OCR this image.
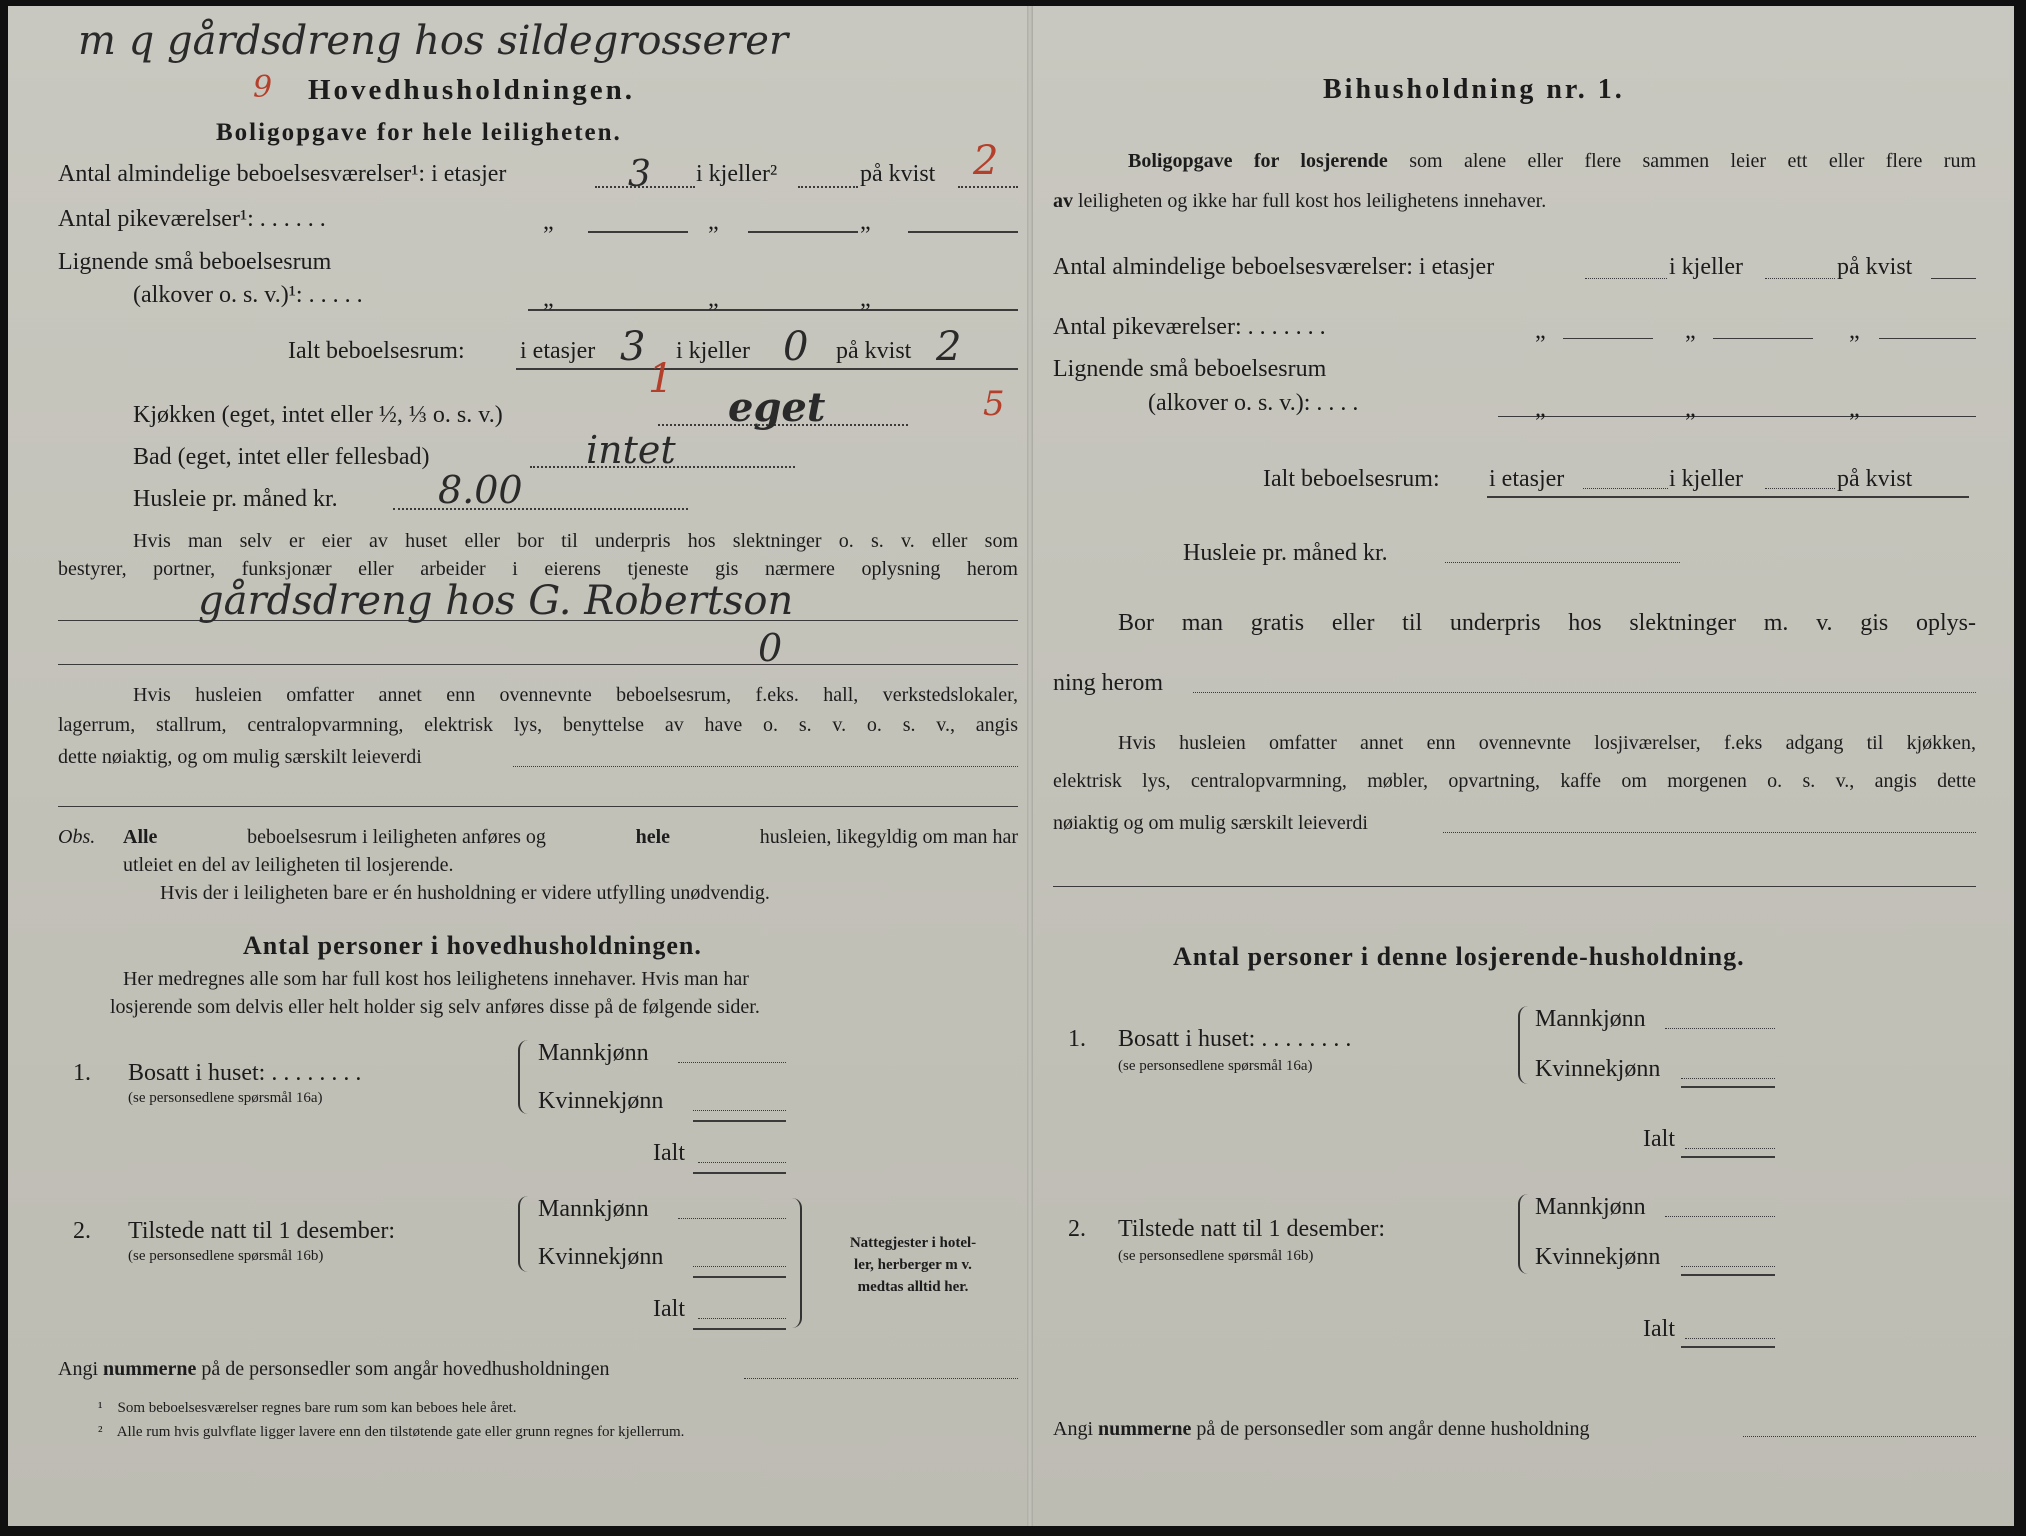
m q gårdsdreng hos sildegrosserer
9 Hovedhusholdningen.
Boligopgave for hele leiligheten.
Antal almindelige beboelsesværelser¹: i etasjer	3 i kjeller²	på kvist 2
Antal pikeværelser¹: . . . . . .	„	„	„
Lignende små beboelsesrum
(alkover o. s. v.)¹: . . . . .	„	„	„
Ialt beboelsesrum: i etasjer 3 i kjeller 0 på kvist 2
1
5
Kjøkken (eget, intet eller ½, ⅓ o. s. v.)	eget
Bad (eget, intet eller fellesbad)	intet
Husleie pr. måned kr.	8.00
Hvis man selv er eier av huset eller bor til underpris hos slektninger o. s. v. eller som
bestyrer, portner, funksjonær eller arbeider i eierens tjeneste gis nærmere oplysning herom
gårdsdreng hos G. Robertson
0
Hvis husleien omfatter annet enn ovennevnte beboelsesrum, f.eks. hall, verkstedslokaler,
lagerrum, stallrum, centralopvarmning, elektrisk lys, benyttelse av have o. s. v. o. s. v., angis
dette nøiaktig, og om mulig særskilt leieverdi
Obs. Alle	beboelsesrum i leiligheten anføres og	hele	husleien, likegyldig om man har
utleiet en del av leiligheten til losjerende.
Hvis der i leiligheten bare er én husholdning er videre utfylling unødvendig.
Antal personer i hovedhusholdningen.
Her medregnes alle som har full kost hos leilighetens innehaver. Hvis man har
losjerende som delvis eller helt holder sig selv anføres disse på de følgende sider.
1. Bosatt i huset: . . . . . . . .
(se personsedlene spørsmål 16a)
Mannkjønn
Kvinnekjønn
Ialt
2. Tilstede natt til 1 desember:
(se personsedlene spørsmål 16b)
Mannkjønn
Kvinnekjønn
Ialt
Nattegjester i hotel-
ler, herberger m v.
medtas alltid her.
Angi nummerne på de personsedler som angår hovedhusholdningen
¹ Som beboelsesværelser regnes bare rum som kan beboes hele året.
² Alle rum hvis gulvflate ligger lavere enn den tilstøtende gate eller grunn regnes for kjellerrum.
Bihusholdning nr. 1.
Boligopgave for losjerende som alene eller flere sammen leier ett eller flere rum
av leiligheten og ikke har full kost hos leilighetens innehaver.
Antal almindelige beboelsesværelser: i etasjer	i kjeller	på kvist
Antal pikeværelser: . . . . . . .	„	„	„
Lignende små beboelsesrum
(alkover o. s. v.): . . . .	„	„	„
Ialt beboelsesrum: i etasjer	i kjeller	på kvist
Husleie pr. måned kr.
Bor man gratis eller til underpris hos slektninger m. v. gis oplys-
ning herom
Hvis husleien omfatter annet enn ovennevnte losjiværelser, f.eks adgang til kjøkken,
elektrisk lys, centralopvarmning, møbler, opvartning, kaffe om morgenen o. s. v., angis dette
nøiaktig og om mulig særskilt leieverdi
Antal personer i denne losjerende-husholdning.
1. Bosatt i huset: . . . . . . . .
(se personsedlene spørsmål 16a)
Mannkjønn
Kvinnekjønn
Ialt
2. Tilstede natt til 1 desember:
(se personsedlene spørsmål 16b)
Mannkjønn
Kvinnekjønn
Ialt
Angi nummerne på de personsedler som angår denne husholdning
